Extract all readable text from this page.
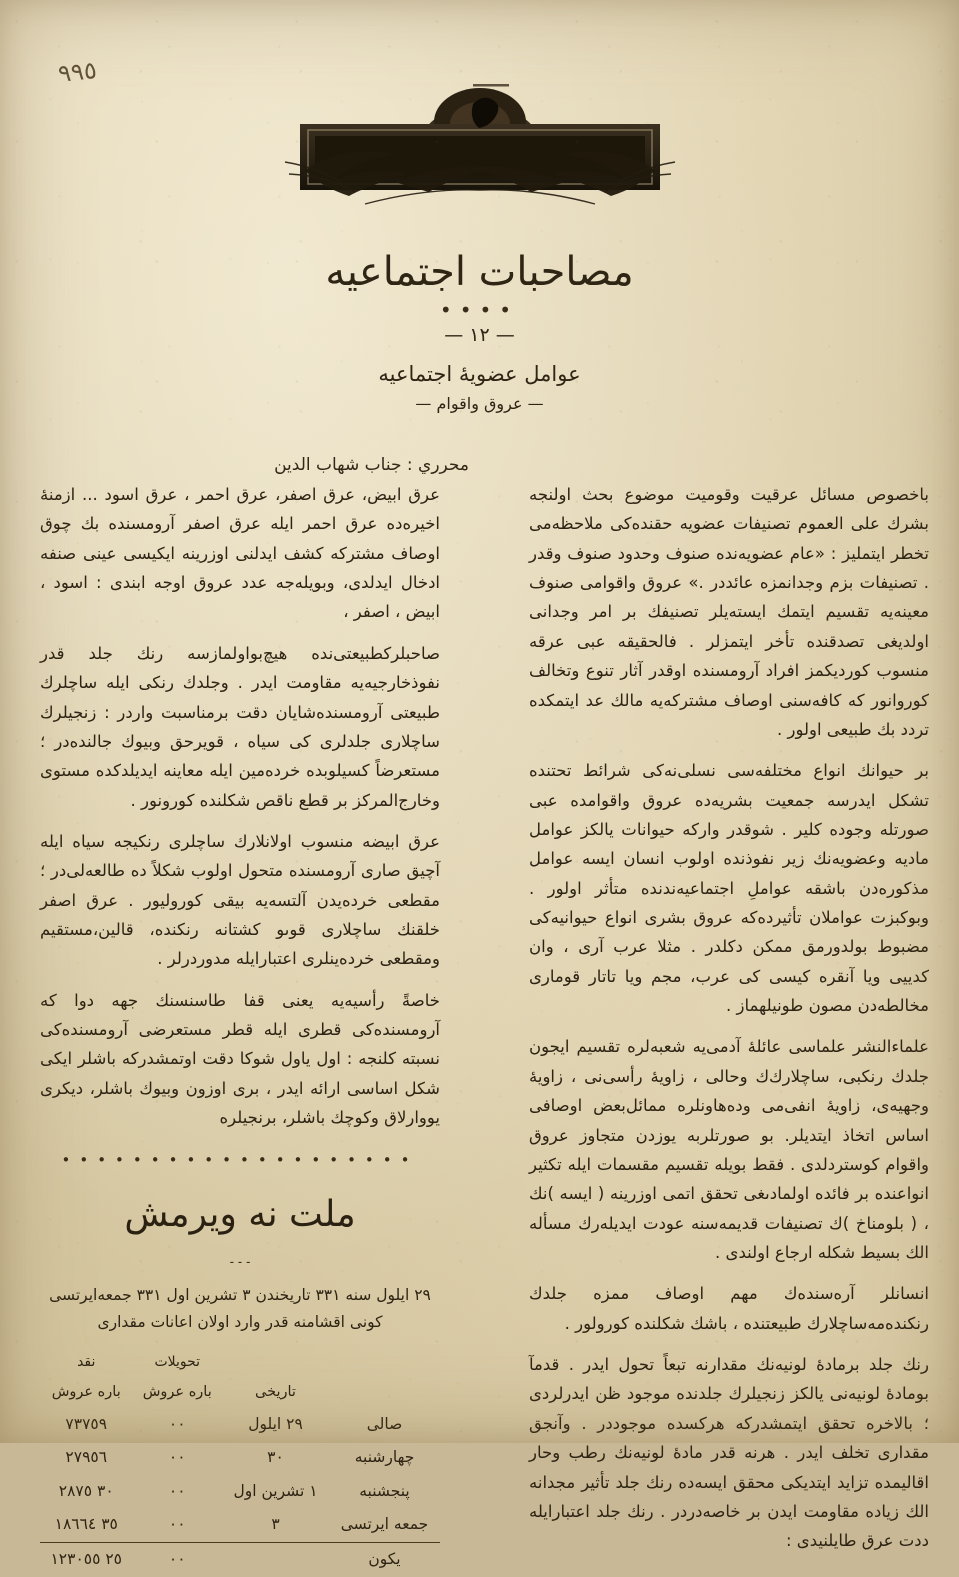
٩٩٥
مصاحبات اجتماعيه
••••
— ١٢ —
عوامل عضويهٔ اجتماعيه
— عروق واقوام —
محرري : جناب شهاب الدين

باخصوص مسائل عرقيت وقوميت موضوع بحث اولنجه بشرك على العموم تصنيفات عضويه حقنده‌كى ملاحظه‌مى تخطر ايتمليز : «عام عضويه‌نده صنوف وحدود صنوف وقدر . تصنيفات بزم وجدانمزه عائددر .» عروق واقوامى صنوف معينه‌يه تقسيم ايتمك ايسته‌يلر تصنيفك بر امر وجدانى اولديغى تصدقنده تأخر ايتمزلر . فالحقيقه عبى عرقه منسوب كورديكمز افراد آرومسنده اوقدر آثار تنوع وتخالف كوروانور كه كافه‌سنى اوصاف مشتركه‌يه مالك عد ايتمكده تردد بك طبيعى اولور .

بر حيوانك انواع مختلفه‌سى نسلى‌نه‌كى شرائط تحتنده تشكل ايدرسه جمعيت بشريه‌ده عروق واقوامده عبى صورتله وجوده كلير . شوقدر وارکه حيوانات يالكز عوامل ماديه وعضويه‌نك زير نفوذنده اولوب انسان ايسه عوامل مذكورەدن باشقه عواملِ اجتماعيه‌ندنده متأثر اولور . وبوكبزت عواملان تأثيرده‌كه عروق بشرى انواع حيوانيه‌كى مضبوط بولدورمق ممكن دكلدر . مثلا عرب آرى ، وان كدييى ويا آنقره كيسى كى عرب، مجم ويا تاتار قومارى مخالطه‌دن مصون طونيلهماز .

علماءالنشر علماسى عائله‌ٔ آدمى‌يه شعبه‌لره تقسيم ايجون جلدك رنكبى، ساچلارك‌ك وحالى ، زاويهٔ رأسى‌نى ، زاويهٔ وجهيه‌ى، زاويهٔ انفى‌مى وده‌هاونلره ممائل‌بعض اوصافى اساس اتخاذ ايتديلر. بو صورتلربه يوزدن متجاوز عروق واقوام كوستردلدى . فقط بويله تقسيم مقسمات ايله تكثير انواعنده بر فائده اولمادىغى تحقق اتمى اوزرينه ( ايسه )نك ، ( بلومناخ )ك تصنيفات قديمه‌سنه عودت ايديلەرك مسأله الك بسيط شكله ارجاع اولندى .

انسانلر آرەسندەك مهم اوصاف ممزه جلدك رنكنده‌مه‌ساچلارك طبيعتنده ، باشك شكلنده كورولور .

رنك جلد برمادهٔ لونيه‌نك مقدارنه تبعاً تحول ايدر . قدمآ بومادهٔ لونيه‌نى يالكز زنجيلرك جلدنده موجود ظن ايدرلردى ؛ بالاخره تحقق ايتمشدركه هركسده موجوددر . وآنجق مقدارى تخلف ايدر . هرنه قدر مادهٔ لونيه‌نك رطب وحار اقاليمده تزايد ايتديكى محقق ايسه‌ده رنك جلد تأثير مجدانه الك زياده مقاومت ايدن بر خاصه‌دردر . رنك جلد اعتبارايله ددت عرق طايلنيدى :

عرق ابيض، عرق اصفر، عرق احمر ، عرق اسود ... ازمنهٔ اخيرەده عرق احمر ايله عرق اصفر آرومسنده بك چوق اوصاف مشتركه كشف ايدلنى اوزرينه ايكيسى عينى صنفه ادخال ايدلدى، وبويله‌جه عدد عروق اوجه ابندى : اسود ، ابيض ، اصفر ،

صاحبلر‌كطبيعتى‌نده هيچ‌بواولمازسه رنك جلد قدر نفوذخارجيه‌يه مقاومت ايدر . وجلدك رنكى ايله ساچلرك طبيعتى آرومسنده‌شايان دقت برمناسبت واردر : زنجيلرك ساچلارى جلدلرى كى سياه ، قويرحق وبيوك جالنده‌در ؛ مستعرضاً كسيلوبده خردەمين ايله معاينه ايديلدكده مستوى وخارج‌المركز بر قطع ناقص شكلنده كورونور .

عرق ابيضه منسوب اولانلارك ساچلرى رنكيجه سياه ايله آچيق صارى آرومسنده متحول اولوب شكلاً ده طالعه‌لى‌در ؛ مقطعى خردەيدن آلتسه‌يه بيقى كوروليور . عرق اصفر خلقنك ساچلارى قوىو كشتانه رنكنده، قالين،مستقيم ومقطعى خردەينلرى اعتبارايله مدوردرلر .

خاصةً رأسيه‌يه يعنى قفا طاسنسنك جهه دوا كه آرومسنده‌كى قطرى ايله قطر مستعرضى آرومسنده‌كى نسبته كلنجه : اول ياول شوکا دقت اوتمشدركه باشلر ايكى شكل اساسى ارائه ايدر ، برى اوزون وبيوك باشلر، ديكرى يووارلاق وكوچك باشلر، برنجيلره

••••••••••••••••••••
ملت نه ويرمش
۔۔۔
٢٩ ايلول سنه ٣٣١ تاريخندن ٣ تشرين اول ٣٣١ جمعه‌ايرتسى كونى اقشامنه قدر وارد اولان اعانات مقدارى
		تحويلات	نقد
	تاريخى	باره عروش	باره عروش
صالى	٢٩ ايلول	٠٠	٧٣٧٥٩
چهارشنبه	٣٠	٠٠	٢٧٩٥٦
پنجشنبه	١ تشرين اول	٠٠	٢٨٧٥ ٣٠
جمعه ايرتسى	٣	٠٠	١٨٦٦٤ ٣٥
يكون		٠٠	١٢٣٠٥٥ ٢٥
